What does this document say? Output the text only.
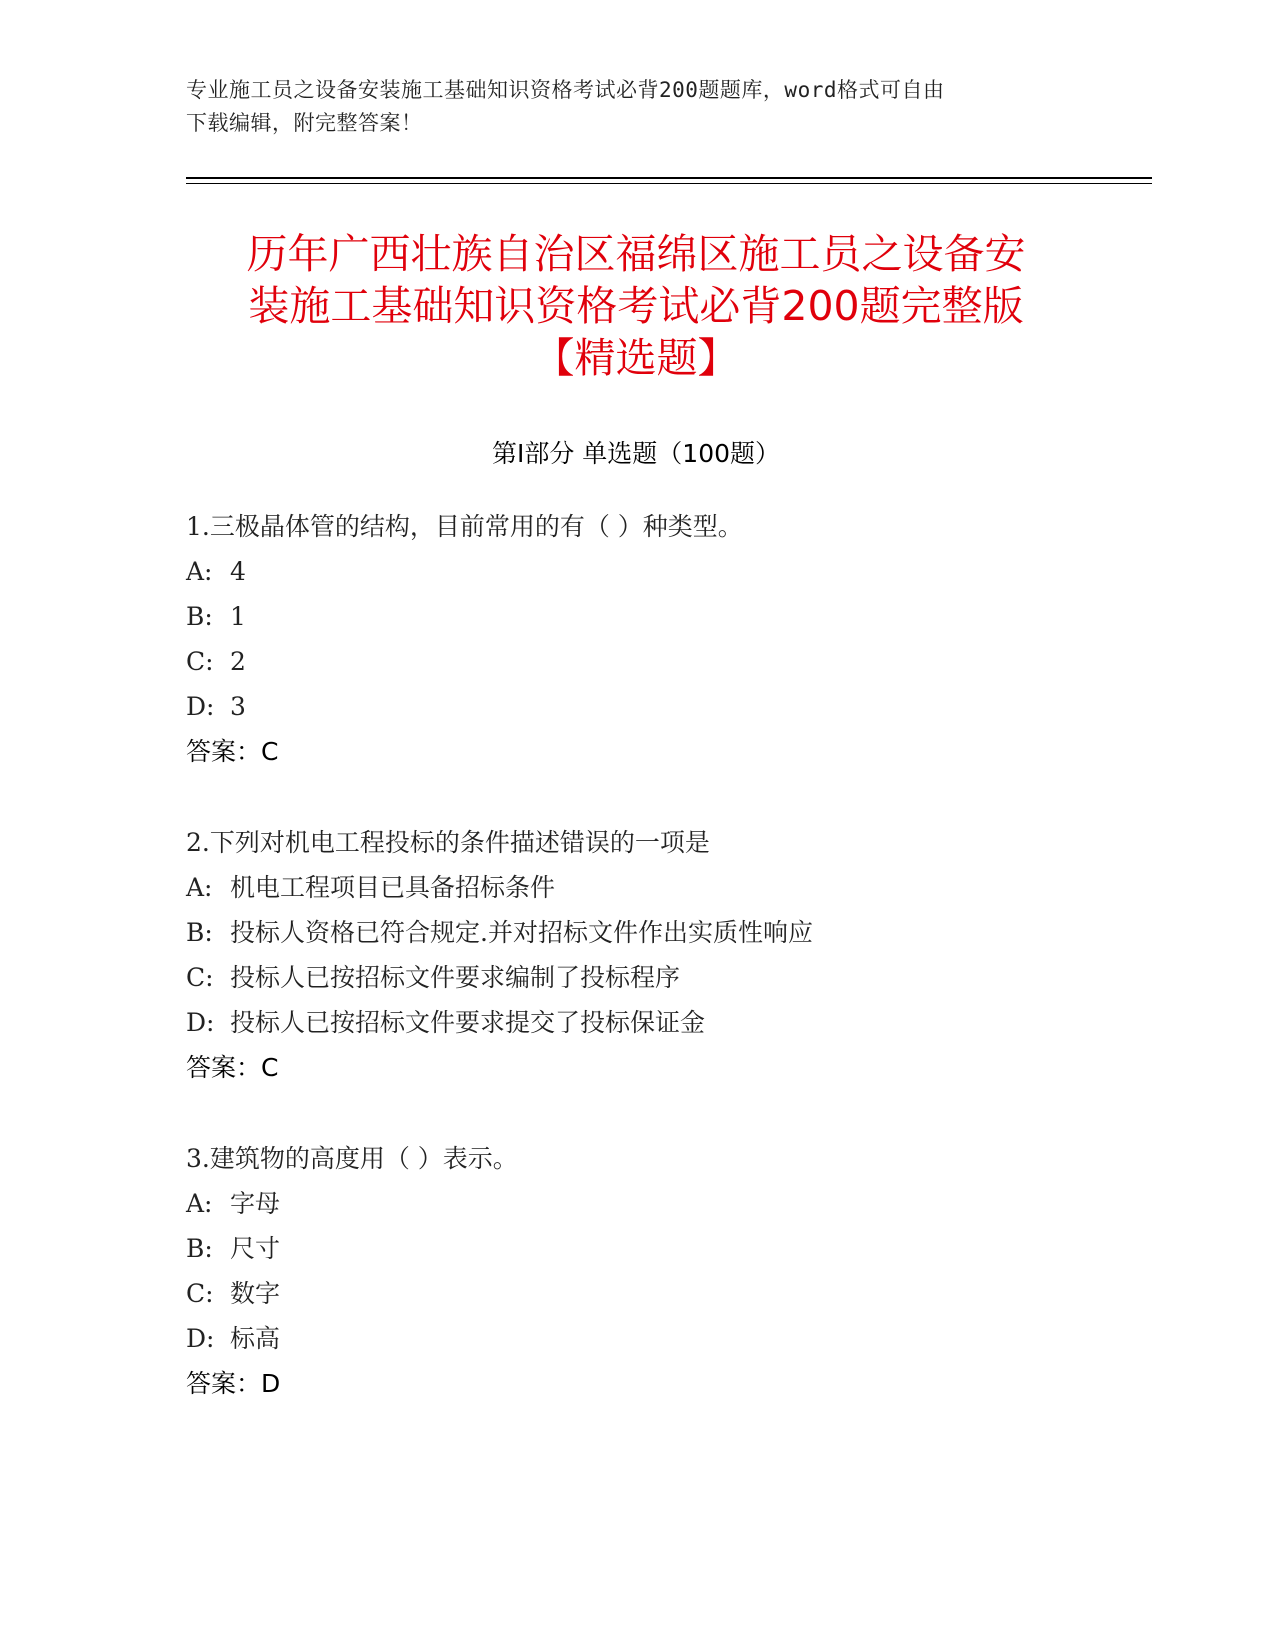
专业施工员之设备安装施工基础知识资格考试必背200题题库，word格式可自由
下载编辑，附完整答案！
历年广西壮族自治区福绵区施工员之设备安
装施工基础知识资格考试必背200题完整版
【精选题】
第Ⅰ部分 单选题（100题）
1.三极晶体管的结构，目前常用的有（ ）种类型。
A: 4
B: 1
C: 2
D: 3
答案：C
2.下列对机电工程投标的条件描述错误的一项是
A: 机电工程项目已具备招标条件
B: 投标人资格已符合规定.并对招标文件作出实质性响应
C: 投标人已按招标文件要求编制了投标程序
D: 投标人已按招标文件要求提交了投标保证金
答案：C
3.建筑物的高度用（ ）表示。
A: 字母
B: 尺寸
C: 数字
D: 标高
答案：D
